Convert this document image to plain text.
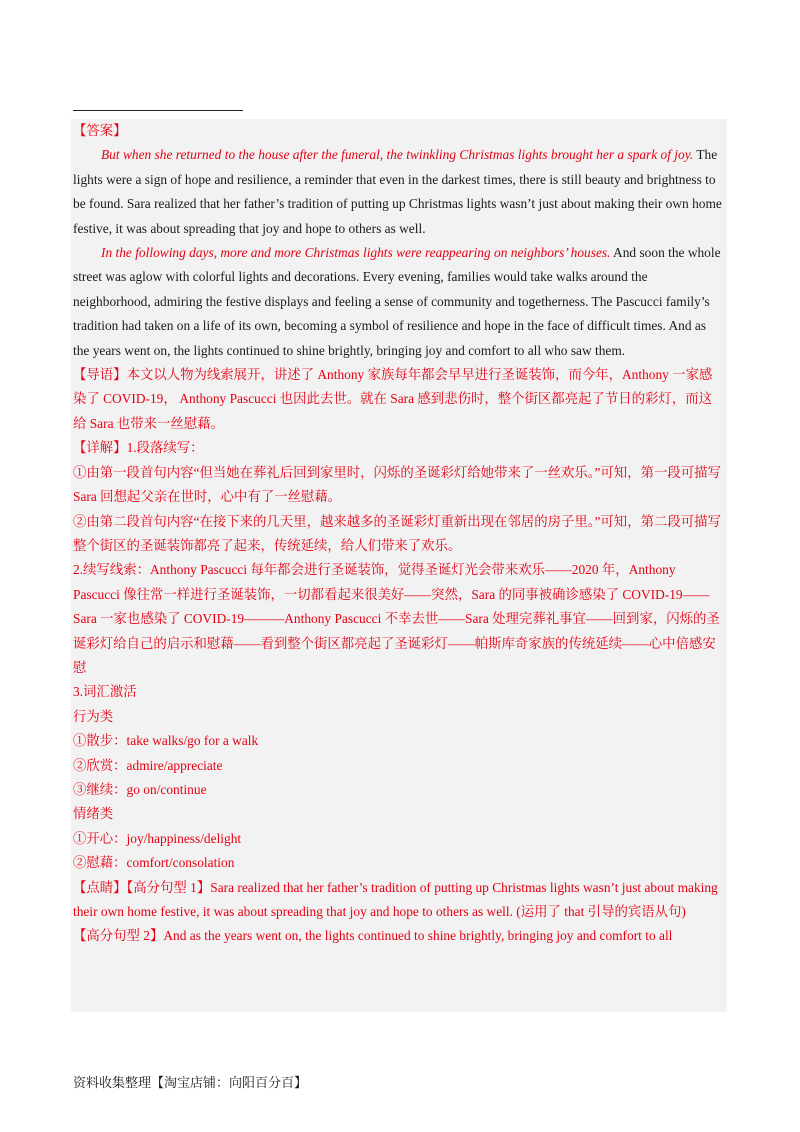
【答案】

But when she returned to the house after the funeral, the twinkling Christmas lights brought her a spark of joy. The lights were a sign of hope and resilience, a reminder that even in the darkest times, there is still beauty and brightness to be found. Sara realized that her father’s tradition of putting up Christmas lights wasn’t just about making their own home festive, it was about spreading that joy and hope to others as well.

In the following days, more and more Christmas lights were reappearing on neighbors’ houses. And soon the whole street was aglow with colorful lights and decorations. Every evening, families would take walks around the neighborhood, admiring the festive displays and feeling a sense of community and togetherness. The Pascucci family’s tradition had taken on a life of its own, becoming a symbol of resilience and hope in the face of difficult times. And as the years went on, the lights continued to shine brightly, bringing joy and comfort to all who saw them.

【导语】本文以人物为线索展开，讲述了 Anthony 家族每年都会早早进行圣诞装饰，而今年，Anthony 一家感染了 COVID-19， Anthony Pascucci 也因此去世。就在 Sara 感到悲伤时，整个街区都亮起了节日的彩灯，而这给 Sara 也带来一丝慰藉。

【详解】1.段落续写：

①由第一段首句内容“但当她在葬礼后回到家里时，闪烁的圣诞彩灯给她带来了一丝欢乐。”可知，第一段可描写 Sara 回想起父亲在世时，心中有了一丝慰藉。

②由第二段首句内容“在接下来的几天里，越来越多的圣诞彩灯重新出现在邻居的房子里。”可知，第二段可描写整个街区的圣诞装饰都亮了起来，传统延续，给人们带来了欢乐。

2.续写线索：Anthony Pascucci 每年都会进行圣诞装饰，觉得圣诞灯光会带来欢乐——2020 年，Anthony Pascucci 像往常一样进行圣诞装饰，一切都看起来很美好——突然，Sara 的同事被确诊感染了 COVID-19——Sara 一家也感染了 COVID-19———Anthony Pascucci 不幸去世——Sara 处理完葬礼事宜——回到家，闪烁的圣诞彩灯给自己的启示和慰藉——看到整个街区都亮起了圣诞彩灯——帕斯库奇家族的传统延续——心中倍感安慰

3.词汇激活

行为类

①散步：take walks/go for a walk

②欣赏：admire/appreciate

③继续：go on/continue

情绪类

①开心：joy/happiness/delight

②慰藉：comfort/consolation

【点睛】【高分句型 1】Sara realized that her father’s tradition of putting up Christmas lights wasn’t just about making their own home festive, it was about spreading that joy and hope to others as well. (运用了 that 引导的宾语从句)

【高分句型 2】And as the years went on, the lights continued to shine brightly, bringing joy and comfort to all

资料收集整理【淘宝店铺：向阳百分百】
